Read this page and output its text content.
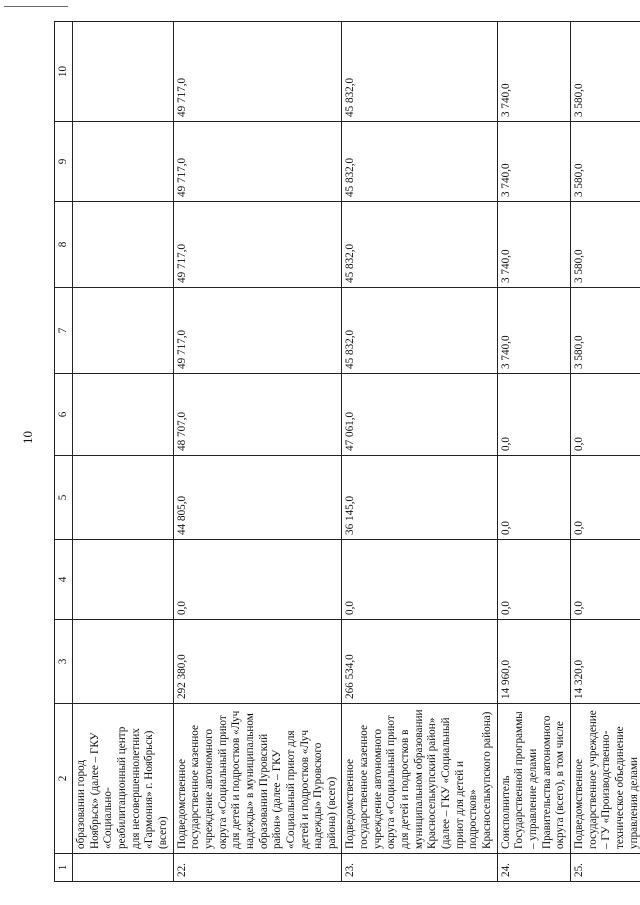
10
1	2	3	4	5	6	7	8	9	10
	образовании город Ноябрьск» (далее – ГКУ «Социально-реабилитационный центр для несовершеннолетних «Гармония» г. Ноябрьск) (всего)								
22.	Подведомственное государственное казенное учреждение автономного округа «Социальный приют для детей и подростков «Луч надежды» в муниципальном образовании Пуровский район» (далее – ГКУ «Социальный приют для детей и подростков «Луч надежды» Пуровского района) (всего)	292 380,0	0,0	44 805,0	48 707,0	49 717,0	49 717,0	49 717,0	49 717,0
23.	Подведомственное государственное казенное учреждение автономного округа «Социальный приют для детей и подростков в муниципальном образовании Красноселькупский район» (далее – ГКУ «Социальный приют для детей и подростков» Красноселькупского района)	266 534,0	0,0	36 145,0	47 061,0	45 832,0	45 832,0	45 832,0	45 832,0
24.	Соисполнитель Государственной программы – управление делами Правительства автономного округа (всего), в том числе	14 960,0	0,0	0,0	0,0	3 740,0	3 740,0	3 740,0	3 740,0
25.	Подведомственное государственное учреждение – ГУ «Производственно-техническое объединение управления делами	14 320,0	0,0	0,0	0,0	3 580,0	3 580,0	3 580,0	3 580,0
